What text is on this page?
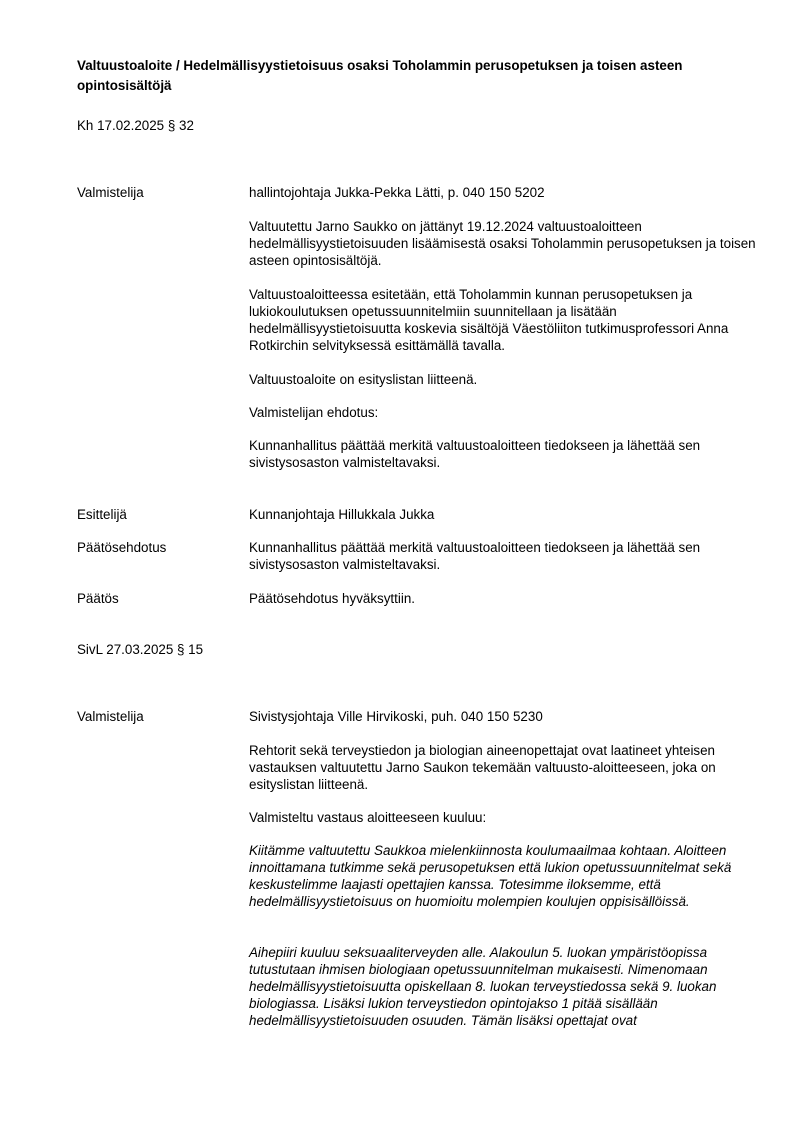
Valtuustoaloite / Hedelmällisyystietoisuus osaksi Toholammin perusopetuksen ja toisen asteen opintosisältöjä

Kh 17.02.2025 § 32

Valmistelija	hallintojohtaja Jukka-Pekka Lätti, p. 040 150 5202

Valtuutettu Jarno Saukko on jättänyt 19.12.2024 valtuustoaloitteen hedelmällisyystietoisuuden lisäämisestä osaksi Toholammin perusopetuksen ja toisen asteen opintosisältöjä.

Valtuustoaloitteessa esitetään, että Toholammin kunnan perusopetuksen ja lukiokoulutuksen opetussuunnitelmiin suunnitellaan ja lisätään hedelmällisyystietoisuutta koskevia sisältöjä Väestöliiton tutkimusprofessori Anna Rotkirchin selvityksessä esittämällä tavalla.

Valtuustoaloite on esityslistan liitteenä.

Valmistelijan ehdotus:

Kunnanhallitus päättää merkitä valtuustoaloitteen tiedokseen ja lähettää sen sivistysosaston valmisteltavaksi.

Esittelijä	Kunnanjohtaja Hillukkala Jukka

Päätösehdotus	Kunnanhallitus päättää merkitä valtuustoaloitteen tiedokseen ja lähettää sen sivistysosaston valmisteltavaksi.

Päätös	Päätösehdotus hyväksyttiin.

SivL 27.03.2025 § 15

Valmistelija	Sivistysjohtaja Ville Hirvikoski, puh. 040 150 5230

Rehtorit sekä terveystiedon ja biologian aineenopettajat ovat laatineet yhteisen vastauksen valtuutettu Jarno Saukon tekemään valtuusto-aloitteeseen, joka on esityslistan liitteenä.

Valmisteltu vastaus aloitteeseen kuuluu:

Kiitämme valtuutettu Saukkoa mielenkiinnosta koulumaailmaa kohtaan. Aloitteen innoittamana tutkimme sekä perusopetuksen että lukion opetussuunnitelmat sekä keskustelimme laajasti opettajien kanssa. Totesimme iloksemme, että hedelmällisyystietoisuus on huomioitu molempien koulujen oppisisällöissä.

Aihepiiri kuuluu seksuaaliterveyden alle. Alakoulun 5. luokan ympäristöopissa tutustutaan ihmisen biologiaan opetussuunnitelman mukaisesti. Nimenomaan hedelmällisyystietoisuutta opiskellaan 8. luokan terveystiedossa sekä 9. luokan biologiassa. Lisäksi lukion terveystiedon opintojakso 1 pitää sisällään hedelmällisyystietoisuuden osuuden. Tämän lisäksi opettajat ovat
